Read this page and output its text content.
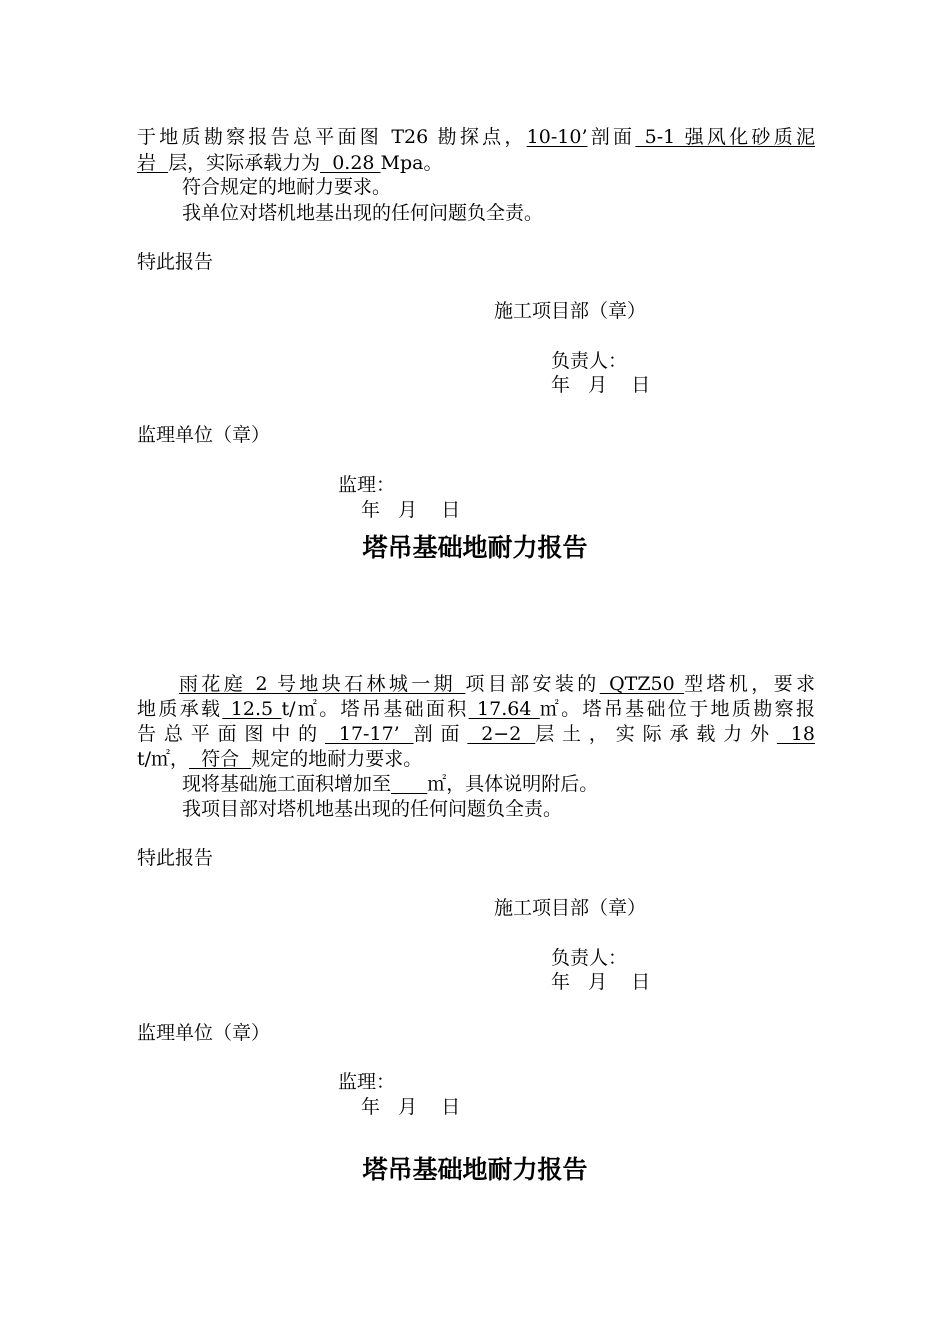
于地质勘察报告总平面图 T26 勘探点，10-10’剖面 5-1 强风化砂质泥
岩  层，实际承载力为  0.28 Mpa。
符合规定的地耐力要求。
我单位对塔机地基出现的任何问题负全责。
特此报告
施工项目部（章）
负责人：
年   月    日
监理单位（章）
监理：
年   月    日
塔吊基础地耐力报告
雨花庭 2 号地块石林城一期 项目部安装的 QTZ50 型塔机，要求
地质承载 12.5 t/㎡。塔吊基础面积 17.64 ㎡。塔吊基础位于地质勘察报
告总平面图中的 17-17’ 剖面 2−2 层土，实际承载力外 18
t/㎡，  符合  规定的地耐力要求。
现将基础施工面积增加至 ㎡，具体说明附后。
我项目部对塔机地基出现的任何问题负全责。
特此报告
施工项目部（章）
负责人：
年   月    日
监理单位（章）
监理：
年   月    日
塔吊基础地耐力报告
